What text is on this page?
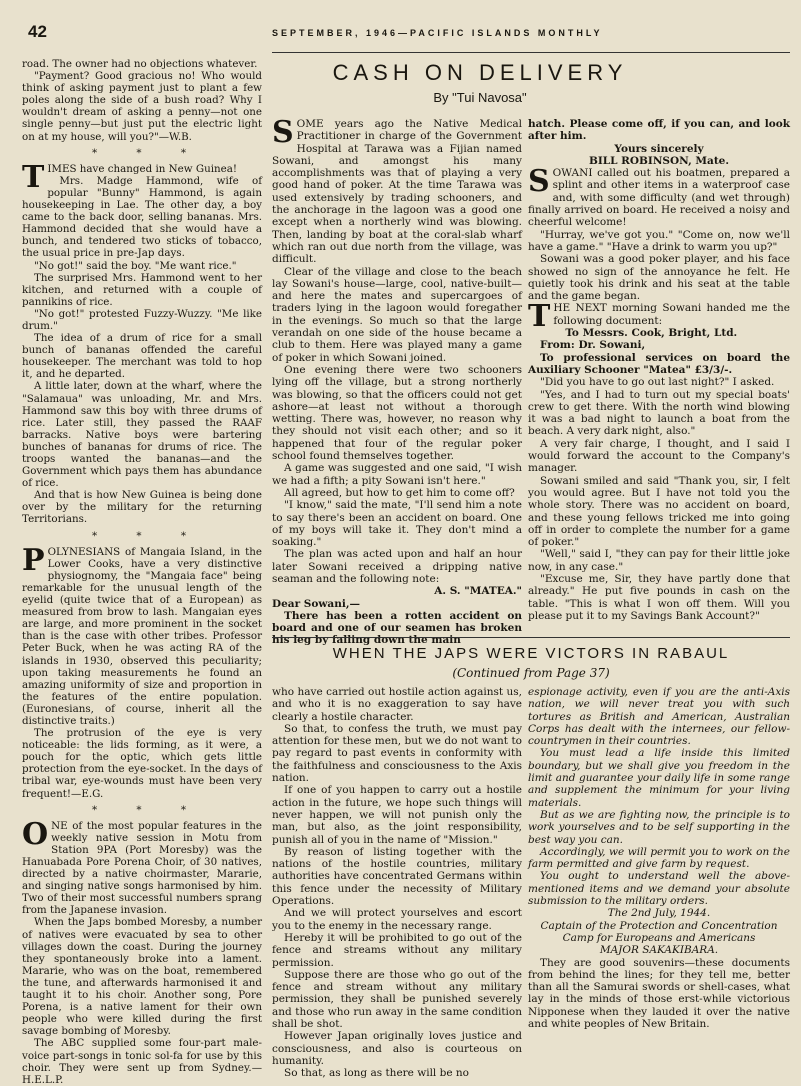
42	SEPTEMBER, 1946—PACIFIC ISLANDS MONTHLY

road. The owner had no objections whatever.

"Payment? Good gracious no! Who would think of asking payment just to plant a few poles along the side of a bush road? Why I wouldn't dream of asking a penny—not one single penny—but just put the electric light on at my house, will you?"—W.B.

* * *

TIMES have changed in New Guinea!

Mrs. Madge Hammond, wife of popular "Bunny" Hammond, is again housekeeping in Lae. The other day, a boy came to the back door, selling bananas. Mrs. Hammond decided that she would have a bunch, and tendered two sticks of tobacco, the usual price in pre-Jap days.

"No got!" said the boy. "Me want rice."

The surprised Mrs. Hammond went to her kitchen, and returned with a couple of pannikins of rice.

"No got!" protested Fuzzy-Wuzzy. "Me like drum."

The idea of a drum of rice for a small bunch of bananas offended the careful housekeeper. The merchant was told to hop it, and he departed.

A little later, down at the wharf, where the "Salamaua" was unloading, Mr. and Mrs. Hammond saw this boy with three drums of rice. Later still, they passed the RAAF barracks. Native boys were bartering bunches of bananas for drums of rice. The troops wanted the bananas—and the Government which pays them has abundance of rice.

And that is how New Guinea is being done over by the military for the returning Territorians.

* * *

POLYNESIANS of Mangaia Island, in the Lower Cooks, have a very distinctive physiognomy, the "Mangaia face" being remarkable for the unusual length of the eyelid (quite twice that of a European) as measured from brow to lash. Mangaian eyes are large, and more prominent in the socket than is the case with other tribes. Professor Peter Buck, when he was acting RA of the islands in 1930, observed this peculiarity; upon taking measurements he found an amazing uniformity of size and proportion in the features of the entire population. (Euronesians, of course, inherit all the distinctive traits.)

The protrusion of the eye is very noticeable: the lids forming, as it were, a pouch for the optic, which gets little protection from the eye-socket. In the days of tribal war, eye-wounds must have been very frequent!—E.G.

* * *

ONE of the most popular features in the weekly native session in Motu from Station 9PA (Port Moresby) was the Hanuabada Pore Porena Choir, of 30 natives, directed by a native choirmaster, Mararie, and singing native songs harmonised by him. Two of their most successful numbers sprang from the Japanese invasion.

When the Japs bombed Moresby, a number of natives were evacuated by sea to other villages down the coast. During the journey they spontaneously broke into a lament. Mararie, who was on the boat, remembered the tune, and afterwards harmonised it and taught it to his choir. Another song, Pore Porena, is a native lament for their own people who were killed during the first savage bombing of Moresby.

The ABC supplied some four-part male-voice part-songs in tonic sol-fa for use by this choir. They were sent up from Sydney.—H.E.L.P.

CASH ON DELIVERY
By "Tui Navosa"

SOME years ago the Native Medical Practitioner in charge of the Government Hospital at Tarawa was a Fijian named Sowani, and amongst his many accomplishments was that of playing a very good hand of poker. At the time Tarawa was used extensively by trading schooners, and the anchorage in the lagoon was a good one except when a northerly wind was blowing. Then, landing by boat at the coral-slab wharf which ran out due north from the village, was difficult.

Clear of the village and close to the beach lay Sowani's house—large, cool, native-built—and here the mates and supercargoes of traders lying in the lagoon would foregather in the evenings. So much so that the large verandah on one side of the house became a club to them. Here was played many a game of poker in which Sowani joined.

One evening there were two schooners lying off the village, but a strong northerly was blowing, so that the officers could not get ashore—at least not without a thorough wetting. There was, however, no reason why they should not visit each other; and so it happened that four of the regular poker school found themselves together.

A game was suggested and one said, "I wish we had a fifth; a pity Sowani isn't here."

All agreed, but how to get him to come off?

"I know," said the mate, "I'll send him a note to say there's been an accident on board. One of my boys will take it. They don't mind a soaking."

The plan was acted upon and half an hour later Sowani received a dripping native seaman and the following note:

A. S. "MATEA."

Dear Sowani,—

There has been a rotten accident on board and one of our seamen has broken his leg by falling down the main

hatch. Please come off, if you can, and look after him.

Yours sincerely

BILL ROBINSON, Mate.

SOWANI called out his boatmen, prepared a splint and other items in a waterproof case and, with some difficulty (and wet through) finally arrived on board. He received a noisy and cheerful welcome!

"Hurray, we've got you." "Come on, now we'll have a game." "Have a drink to warm you up?"

Sowani was a good poker player, and his face showed no sign of the annoyance he felt. He quietly took his drink and his seat at the table and the game began.

THE NEXT morning Sowani handed me the following document:

To Messrs. Cook, Bright, Ltd.

From: Dr. Sowani,

To professional services on board the Auxiliary Schooner "Matea" £3/3/-.

"Did you have to go out last night?" I asked.

"Yes, and I had to turn out my special boats' crew to get there. With the north wind blowing it was a bad night to launch a boat from the beach. A very dark night, also."

A very fair charge, I thought, and I said I would forward the account to the Company's manager.

Sowani smiled and said "Thank you, sir, I felt you would agree. But I have not told you the whole story. There was no accident on board, and these young fellows tricked me into going off in order to complete the number for a game of poker."

"Well," said I, "they can pay for their little joke now, in any case."

"Excuse me, Sir, they have partly done that already." He put five pounds in cash on the table. "This is what I won off them. Will you please put it to my Savings Bank Account?"

WHEN THE JAPS WERE VICTORS IN RABAUL
(Continued from Page 37)

who have carried out hostile action against us, and who it is no exaggeration to say have clearly a hostile character.

So that, to confess the truth, we must pay attention for these men, but we do not want to pay regard to past events in conformity with the faithfulness and consciousness to the Axis nation.

If one of you happen to carry out a hostile action in the future, we hope such things will never happen, we will not punish only the man, but also, as the joint responsibility, punish all of you in the name of "Mission."

By reason of listing together with the nations of the hostile countries, military authorities have concentrated Germans within this fence under the necessity of Military Operations.

And we will protect yourselves and escort you to the enemy in the necessary range.

Hereby it will be prohibited to go out of the fence and streams without any military permission.

Suppose there are those who go out of the fence and stream without any military permission, they shall be punished severely and those who run away in the same condition shall be shot.

However Japan originally loves justice and consciousness, and also is courteous on humanity.

So that, as long as there will be no

espionage activity, even if you are the anti-Axis nation, we will never treat you with such tortures as British and American, Australian Corps has dealt with the internees, our fellow-countrymen in their countries.

You must lead a life inside this limited boundary, but we shall give you freedom in the limit and guarantee your daily life in some range and supplement the minimum for your living materials.

But as we are fighting now, the principle is to work yourselves and to be self supporting in the best way you can.

Accordingly, we will permit you to work on the farm permitted and give farm by request.

You ought to understand well the above-mentioned items and we demand your absolute submission to the military orders.

The 2nd July, 1944.

Captain of the Protection and Concentration Camp for Europeans and Americans

MAJOR SAKAKIBARA.

They are good souvenirs—these documents from behind the lines; for they tell me, better than all the Samurai swords or shell-cases, what lay in the minds of those erst-while victorious Nipponese when they lauded it over the native and white peoples of New Britain.
